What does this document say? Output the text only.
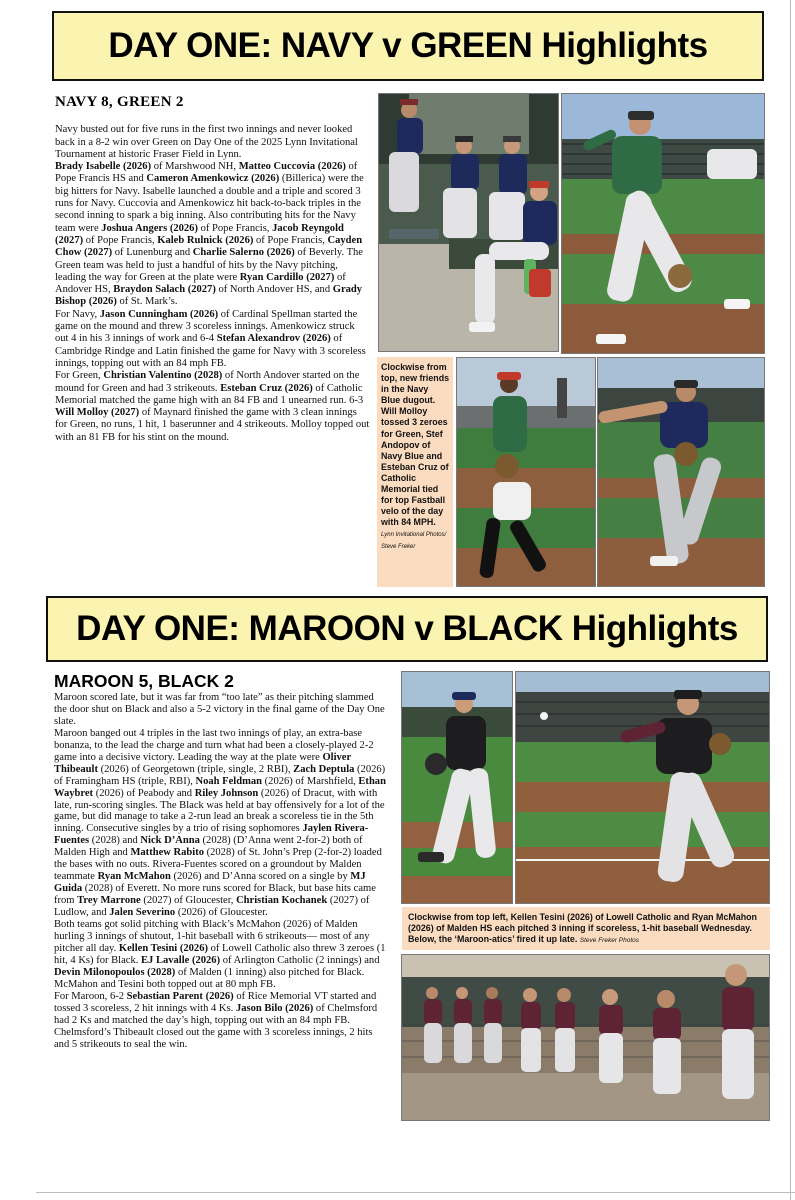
DAY ONE: NAVY v GREEN Highlights
NAVY 8, GREEN 2

Navy busted out for five runs in the first two innings and never looked back in a 8-2 win over Green on Day One of the 2025 Lynn Invitational Tournament at historic Fraser Field in Lynn.

Brady Isabelle (2026) of Marshwood NH, Matteo Cuccovia (2026) of Pope Francis HS and Cameron Amenkowicz (2026) (Billerica) were the big hitters for Navy. Isabelle launched a double and a triple and scored 3 runs for Navy. Cuccovia and Amenkowicz hit back-to-back triples in the second inning to spark a big inning. Also contributing hits for the Navy team were Joshua Angers (2026) of Pope Francis, Jacob Reyngold (2027) of Pope Francis, Kaleb Rulnick (2026) of Pope Francis, Cayden Chow (2027) of Lunenburg and Charlie Salerno (2026) of Beverly. The Green team was held to just a handful of hits by the Navy pitching, leading the way for Green at the plate were Ryan Cardillo (2027) of Andover HS, Braydon Salach (2027) of North Andover HS, and Grady Bishop (2026) of St. Mark’s.

For Navy, Jason Cunningham (2026) of Cardinal Spellman started the game on the mound and threw 3 scoreless innings. Amenkowicz struck out 4 in his 3 innings of work and 6-4 Stefan Alexandrov (2026) of Cambridge Rindge and Latin finished the game for Navy with 3 scoreless innings, topping out with an 84 mph FB.

For Green, Christian Valentino (2028) of North Andover started on the mound for Green and had 3 strikeouts. Esteban Cruz (2026) of Catholic Memorial matched the game high with an 84 FB and 1 unearned run. 6-3 Will Molloy (2027) of Maynard finished the game with 3 clean innings for Green, no runs, 1 hit, 1 baserunner and 4 strikeouts. Molloy topped out with an 81 FB for his stint on the mound.

Clockwise from top, new friends in the Navy Blue dugout. Will Molloy tossed 3 zeroes for Green, Stef Andopov of Navy Blue and Esteban Cruz of Catholic Memorial tied for top Fastball velo of the day with 84 MPH. Lynn Invitational Photos/ Steve Freker
DAY ONE: MAROON v BLACK Highlights
MAROON 5, BLACK 2

Maroon scored late, but it was far from “too late” as their pitching slammed the door shut on Black and also a 5-2 victory in the final game of the Day One slate.

Maroon banged out 4 triples in the last two innings of play, an extra-base bonanza, to the lead the charge and turn what had been a closely-played 2-2 game into a decisive victory. Leading the way at the plate were Oliver Thibeault (2026) of Georgetown (triple, single, 2 RBI), Zach Deptula (2026) of Framingham HS (triple, RBI), Noah Feldman (2026) of Marshfield, Ethan Waybret (2026) of Peabody and Riley Johnson (2026) of Dracut, with with late, run-scoring singles. The Black was held at bay offensively for a lot of the game, but did manage to take a 2-run lead an break a scoreless tie in the 5th inning. Consecutive singles by a trio of rising sophomores Jaylen Rivera-Fuentes (2028) and Nick D’Anna (2028) (D’Anna went 2-for-2) both of Malden High and Matthew Rabito (2028) of St. John’s Prep (2-for-2) loaded the bases with no outs. Rivera-Fuentes scored on a groundout by Malden teammate Ryan McMahon (2026) and D’Anna scored on a single by MJ Guida (2028) of Everett. No more runs scored for Black, but base hits came from Trey Marrone (2027) of Gloucester, Christian Kochanek (2027) of Ludlow, and Jalen Severino (2026) of Gloucester.

Both teams got solid pitching with Black’s McMahon (2026) of Malden hurling 3 innings of shutout, 1-hit baseball with 6 strikeouts— most of any pitcher all day. Kellen Tesini (2026) of Lowell Catholic also threw 3 zeroes (1 hit, 4 Ks) for Black. EJ Lavalle (2026) of Arlington Catholic (2 innings) and Devin Milonopoulos (2028) of Malden (1 inning) also pitched for Black. McMahon and Tesini both topped out at 80 mph FB.

For Maroon, 6-2 Sebastian Parent (2026) of Rice Memorial VT started and tossed 3 scoreless, 2 hit innings with 4 Ks. Jason Bilo (2026) of Chelmsford had 2 Ks and matched the day’s high, topping out with an 84 mph FB. Chelmsford’s Thibeault closed out the game with 3 scoreless innings, 2 hits and 5 strikeouts to seal the win.

Clockwise from top left, Kellen Tesini (2026) of Lowell Catholic and Ryan McMahon (2026) of Malden HS each pitched 3 inning if scoreless, 1-hit baseball Wednesday. Below, the ‘Maroon-atics’ fired it up late. Steve Freker Photos
